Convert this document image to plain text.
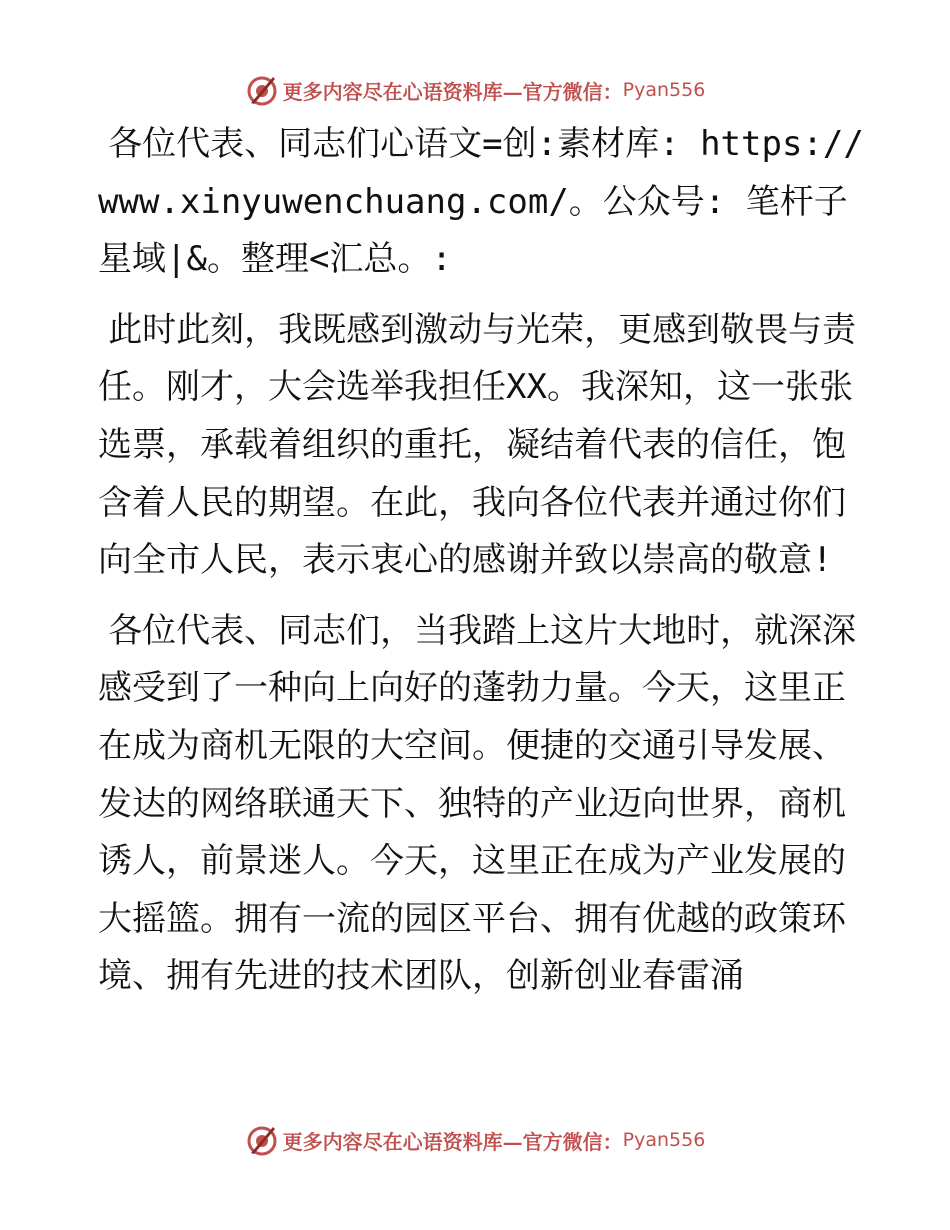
更多内容尽在心语资料库—官方微信： Pyan556

各位代表、同志们心语文=创:素材库: https://www.xinyuwenchuang.com/。公众号: 笔杆子星域|&。整理<汇总。:

此时此刻，我既感到激动与光荣，更感到敬畏与责任。刚才，大会选举我担任XX。我深知，这一张张选票，承载着组织的重托，凝结着代表的信任，饱含着人民的期望。在此，我向各位代表并通过你们向全市人民，表示衷心的感谢并致以崇高的敬意!

各位代表、同志们，当我踏上这片大地时，就深深感受到了一种向上向好的蓬勃力量。今天，这里正在成为商机无限的大空间。便捷的交通引导发展、发达的网络联通天下、独特的产业迈向世界，商机诱人，前景迷人。今天，这里正在成为产业发展的大摇篮。拥有一流的园区平台、拥有优越的政策环境、拥有先进的技术团队，创新创业春雷涌

更多内容尽在心语资料库—官方微信： Pyan556
